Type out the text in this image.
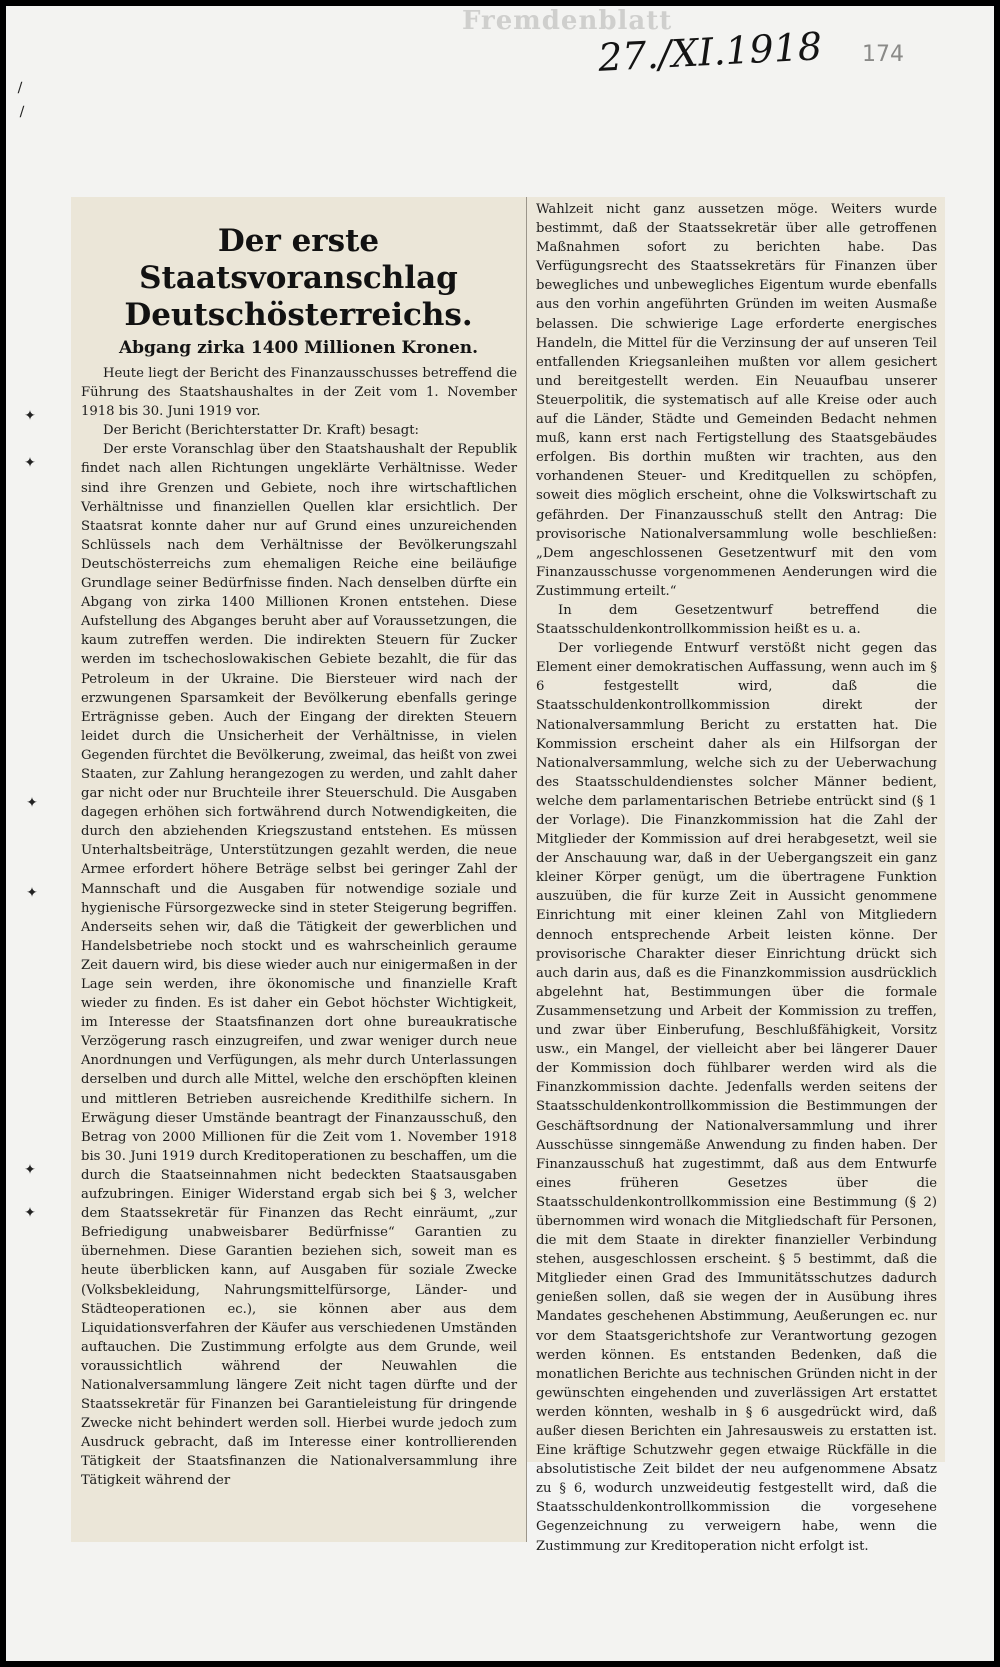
Fremdenblatt
27./XI.1918 174
∕
∕
✦
✦
✦
✦
✦
✦
Der erste Staatsvoranschlag Deutschösterreichs.
Abgang zirka 1400 Millionen Kronen.

Heute liegt der Bericht des Finanzausschusses betreffend die Führung des Staatshaushaltes in der Zeit vom 1. November 1918 bis 30. Juni 1919 vor.

Der Bericht (Berichterstatter Dr. Kraft) besagt:

Der erste Voranschlag über den Staatshaushalt der Republik findet nach allen Richtungen ungeklärte Verhältnisse. Weder sind ihre Grenzen und Gebiete, noch ihre wirtschaftlichen Verhältnisse und finanziellen Quellen klar ersichtlich. Der Staatsrat konnte daher nur auf Grund eines unzureichenden Schlüssels nach dem Verhältnisse der Bevölkerungszahl Deutschösterreichs zum ehemaligen Reiche eine beiläufige Grundlage seiner Bedürfnisse finden. Nach denselben dürfte ein Abgang von zirka 1400 Millionen Kronen entstehen. Diese Aufstellung des Abganges beruht aber auf Voraussetzungen, die kaum zutreffen werden. Die indirekten Steuern für Zucker werden im tschechoslowakischen Gebiete bezahlt, die für das Petroleum in der Ukraine. Die Biersteuer wird nach der erzwungenen Sparsamkeit der Bevölkerung ebenfalls geringe Erträgnisse geben. Auch der Eingang der direkten Steuern leidet durch die Unsicherheit der Verhältnisse, in vielen Gegenden fürchtet die Bevölkerung, zweimal, das heißt von zwei Staaten, zur Zahlung herangezogen zu werden, und zahlt daher gar nicht oder nur Bruchteile ihrer Steuerschuld. Die Ausgaben dagegen erhöhen sich fortwährend durch Notwendigkeiten, die durch den abziehenden Kriegszustand entstehen. Es müssen Unterhaltsbeiträge, Unterstützungen gezahlt werden, die neue Armee erfordert höhere Beträge selbst bei geringer Zahl der Mannschaft und die Ausgaben für notwendige soziale und hygienische Fürsorgezwecke sind in steter Steigerung begriffen. Anderseits sehen wir, daß die Tätigkeit der gewerblichen und Handelsbetriebe noch stockt und es wahrscheinlich geraume Zeit dauern wird, bis diese wieder auch nur einigermaßen in der Lage sein werden, ihre ökonomische und finanzielle Kraft wieder zu finden. Es ist daher ein Gebot höchster Wichtigkeit, im Interesse der Staatsfinanzen dort ohne bureaukratische Verzögerung rasch einzugreifen, und zwar weniger durch neue Anordnungen und Verfügungen, als mehr durch Unterlassungen derselben und durch alle Mittel, welche den erschöpften kleinen und mittleren Betrieben ausreichende Kredithilfe sichern. In Erwägung dieser Umstände beantragt der Finanzausschuß, den Betrag von 2000 Millionen für die Zeit vom 1. November 1918 bis 30. Juni 1919 durch Kreditoperationen zu beschaffen, um die durch die Staatseinnahmen nicht bedeckten Staatsausgaben aufzubringen. Einiger Widerstand ergab sich bei § 3, welcher dem Staatssekretär für Finanzen das Recht einräumt, „zur Befriedigung unabweisbarer Bedürfnisse“ Garantien zu übernehmen. Diese Garantien beziehen sich, soweit man es heute überblicken kann, auf Ausgaben für soziale Zwecke (Volksbekleidung, Nahrungsmittelfürsorge, Länder- und Städteoperationen ec.), sie können aber aus dem Liquidationsverfahren der Käufer aus verschiedenen Umständen auftauchen. Die Zustimmung erfolgte aus dem Grunde, weil voraussichtlich während der Neuwahlen die Nationalversammlung längere Zeit nicht tagen dürfte und der Staatssekretär für Finanzen bei Garantieleistung für dringende Zwecke nicht behindert werden soll. Hierbei wurde jedoch zum Ausdruck gebracht, daß im Interesse einer kontrollierenden Tätigkeit der Staatsfinanzen die Nationalversammlung ihre Tätigkeit während der

Wahlzeit nicht ganz aussetzen möge. Weiters wurde bestimmt, daß der Staatssekretär über alle getroffenen Maßnahmen sofort zu berichten habe. Das Verfügungsrecht des Staatssekretärs für Finanzen über bewegliches und unbewegliches Eigentum wurde ebenfalls aus den vorhin angeführten Gründen im weiten Ausmaße belassen. Die schwierige Lage erforderte energisches Handeln, die Mittel für die Verzinsung der auf unseren Teil entfallenden Kriegsanleihen mußten vor allem gesichert und bereitgestellt werden. Ein Neuaufbau unserer Steuerpolitik, die systematisch auf alle Kreise oder auch auf die Länder, Städte und Gemeinden Bedacht nehmen muß, kann erst nach Fertigstellung des Staatsgebäudes erfolgen. Bis dorthin mußten wir trachten, aus den vorhandenen Steuer- und Kreditquellen zu schöpfen, soweit dies möglich erscheint, ohne die Volkswirtschaft zu gefährden. Der Finanzausschuß stellt den Antrag: Die provisorische Nationalversammlung wolle beschließen: „Dem angeschlossenen Gesetzentwurf mit den vom Finanzausschusse vorgenommenen Aenderungen wird die Zustimmung erteilt.“

In dem Gesetzentwurf betreffend die Staatsschuldenkontrollkommission heißt es u. a.

Der vorliegende Entwurf verstößt nicht gegen das Element einer demokratischen Auffassung, wenn auch im § 6 festgestellt wird, daß die Staatsschuldenkontrollkommission direkt der Nationalversammlung Bericht zu erstatten hat. Die Kommission erscheint daher als ein Hilfsorgan der Nationalversammlung, welche sich zu der Ueberwachung des Staatsschuldendienstes solcher Männer bedient, welche dem parlamentarischen Betriebe entrückt sind (§ 1 der Vorlage). Die Finanzkommission hat die Zahl der Mitglieder der Kommission auf drei herabgesetzt, weil sie der Anschauung war, daß in der Uebergangszeit ein ganz kleiner Körper genügt, um die übertragene Funktion auszuüben, die für kurze Zeit in Aussicht genommene Einrichtung mit einer kleinen Zahl von Mitgliedern dennoch entsprechende Arbeit leisten könne. Der provisorische Charakter dieser Einrichtung drückt sich auch darin aus, daß es die Finanzkommission ausdrücklich abgelehnt hat, Bestimmungen über die formale Zusammensetzung und Arbeit der Kommission zu treffen, und zwar über Einberufung, Beschlußfähigkeit, Vorsitz usw., ein Mangel, der vielleicht aber bei längerer Dauer der Kommission doch fühlbarer werden wird als die Finanzkommission dachte. Jedenfalls werden seitens der Staatsschuldenkontrollkommission die Bestimmungen der Geschäftsordnung der Nationalversammlung und ihrer Ausschüsse sinngemäße Anwendung zu finden haben. Der Finanzausschuß hat zugestimmt, daß aus dem Entwurfe eines früheren Gesetzes über die Staatsschuldenkontrollkommission eine Bestimmung (§ 2) übernommen wird wonach die Mitgliedschaft für Personen, die mit dem Staate in direkter finanzieller Verbindung stehen, ausgeschlossen erscheint. § 5 bestimmt, daß die Mitglieder einen Grad des Immunitätsschutzes dadurch genießen sollen, daß sie wegen der in Ausübung ihres Mandates geschehenen Abstimmung, Aeußerungen ec. nur vor dem Staatsgerichtshofe zur Verantwortung gezogen werden können. Es entstanden Bedenken, daß die monatlichen Berichte aus technischen Gründen nicht in der gewünschten eingehenden und zuverlässigen Art erstattet werden könnten, weshalb in § 6 ausgedrückt wird, daß außer diesen Berichten ein Jahresausweis zu erstatten ist. Eine kräftige Schutzwehr gegen etwaige Rückfälle in die absolutistische Zeit bildet der neu aufgenommene Absatz zu § 6, wodurch unzweideutig festgestellt wird, daß die Staatsschuldenkontrollkommission die vorgesehene Gegenzeichnung zu verweigern habe, wenn die Zustimmung zur Kreditoperation nicht erfolgt ist.
